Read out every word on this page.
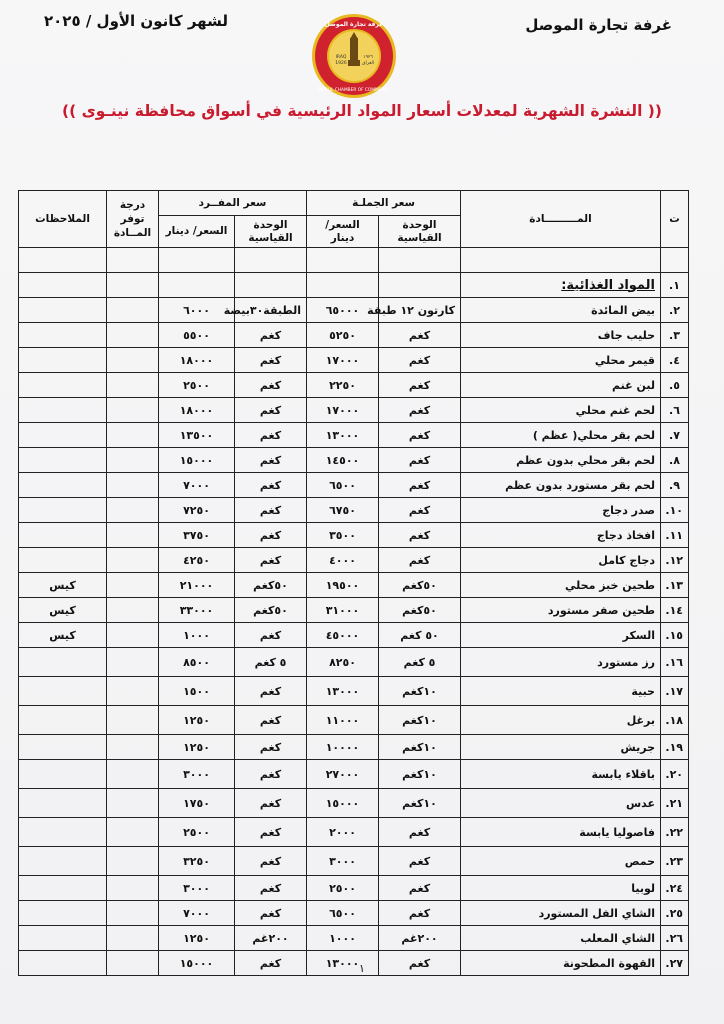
غرفة تجارة الموصل
لشهر كانون الأول / ٢٠٢٥
IRAQ
1926
١٩٢٦
العراق
غرفة تجارة الموصل
MOSUL CHAMBER OF COMMERCE
(( النشرة الشهرية لمعدلات أسعار المواد الرئيسية في أسواق محافظة نينـوى ))
ت	المـــــــــادة	سعر الجملـة		سعر المفــرد		درجة توفر المــادة	الملاحظات
		الوحدة القياسية	السعر/ دينار	الوحدة القياسية	السعر/ دينار		

١.	المواد الغذائية:						
٢.	بيض المائدة	كارتون ١٢ طبقة	٦٥٠٠٠	الطبقة٣٠بيضة	٦٠٠٠		
٣.	حليب جاف	كغم	٥٢٥٠	كغم	٥٥٠٠		
٤.	قيمر محلي	كغم	١٧٠٠٠	كغم	١٨٠٠٠		
٥.	لبن غنم	كغم	٢٢٥٠	كغم	٢٥٠٠		
٦.	لحم غنم محلي	كغم	١٧٠٠٠	كغم	١٨٠٠٠		
٧.	لحم بقر محلي( عظم )	كغم	١٣٠٠٠	كغم	١٣٥٠٠		
٨.	لحم بقر محلي بدون عظم	كغم	١٤٥٠٠	كغم	١٥٠٠٠		
٩.	لحم بقر مستورد بدون عظم	كغم	٦٥٠٠	كغم	٧٠٠٠		
١٠.	صدر دجاج	كغم	٦٧٥٠	كغم	٧٢٥٠		
١١.	افخاذ دجاج	كغم	٣٥٠٠	كغم	٣٧٥٠		
١٢.	دجاج كامل	كغم	٤٠٠٠	كغم	٤٢٥٠		
١٣.	طحين خبز محلي	٥٠كغم	١٩٥٠٠	٥٠كغم	٢١٠٠٠		كيس
١٤.	طحين صفر مستورد	٥٠كغم	٣١٠٠٠	٥٠كغم	٣٣٠٠٠		كيس
١٥.	السكر	٥٠ كغم	٤٥٠٠٠	كغم	١٠٠٠		كيس
١٦.	رز مستورد	٥ كغم	٨٢٥٠	٥ كغم	٨٥٠٠		
١٧.	حبية	١٠كغم	١٣٠٠٠	كغم	١٥٠٠		
١٨.	برغل	١٠كغم	١١٠٠٠	كغم	١٢٥٠		
١٩.	جريش	١٠كغم	١٠٠٠٠	كغم	١٢٥٠		
٢٠.	باقلاء يابسة	١٠كغم	٢٧٠٠٠	كغم	٣٠٠٠		
٢١.	عدس	١٠كغم	١٥٠٠٠	كغم	١٧٥٠		
٢٢.	فاصوليا يابسة	كغم	٢٠٠٠	كغم	٢٥٠٠		
٢٣.	حمص	كغم	٣٠٠٠	كغم	٣٢٥٠		
٢٤.	لوبيا	كغم	٢٥٠٠	كغم	٣٠٠٠		
٢٥.	الشاي الفل المستورد	كغم	٦٥٠٠	كغم	٧٠٠٠		
٢٦.	الشاي المعلب	٢٠٠غم	١٠٠٠	٢٠٠غم	١٢٥٠		
٢٧.	القهوة المطحونة	كغم	١٣٠٠٠	كغم	١٥٠٠٠			١
